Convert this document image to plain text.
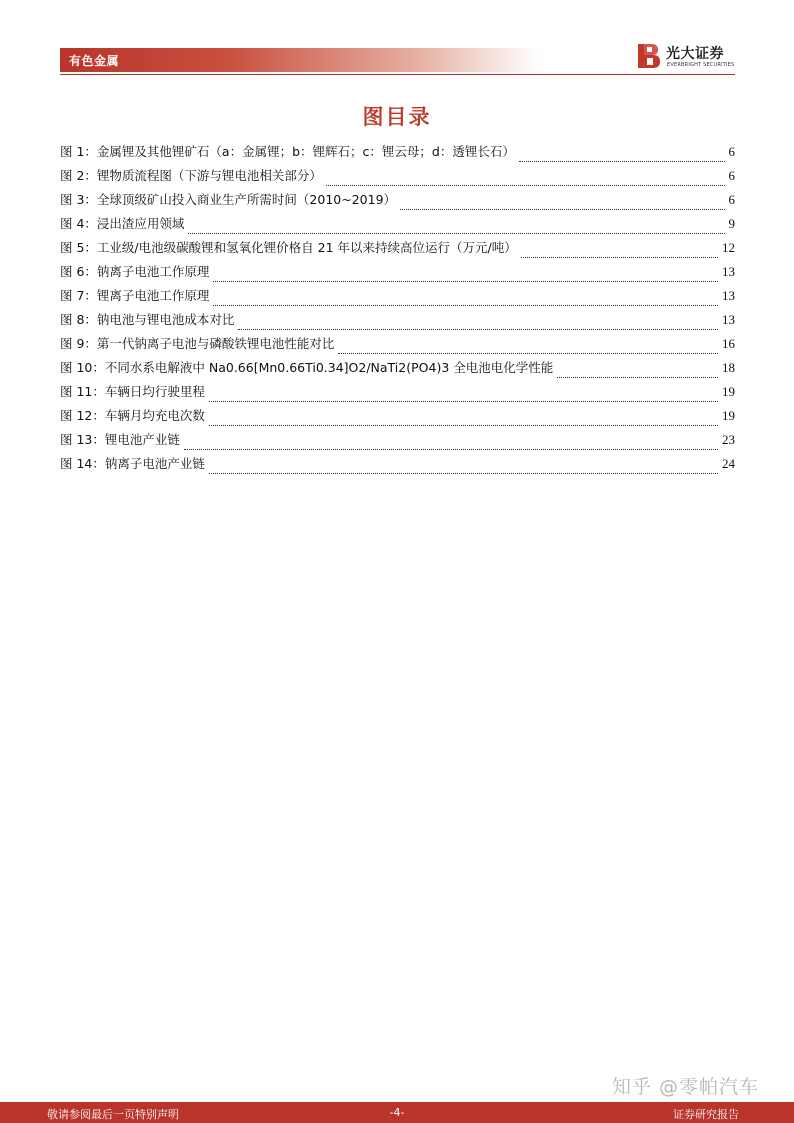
有色金属	光大证券
EVERBRIGHT SECURITIES
图目录
图 1：金属锂及其他锂矿石（a：金属锂；b：锂辉石；c：锂云母；d：透锂长石）	6
图 2：锂物质流程图（下游与锂电池相关部分）	6
图 3：全球顶级矿山投入商业生产所需时间（2010~2019）	6
图 4：浸出渣应用领域	9
图 5：工业级/电池级碳酸锂和氢氧化锂价格自 21 年以来持续高位运行（万元/吨）	12
图 6：钠离子电池工作原理	13
图 7：锂离子电池工作原理	13
图 8：钠电池与锂电池成本对比	13
图 9：第一代钠离子电池与磷酸铁锂电池性能对比	16
图 10：不同水系电解液中 Na0.66[Mn0.66Ti0.34]O2/NaTi2(PO4)3 全电池电化学性能	18
图 11：车辆日均行驶里程	19
图 12：车辆月均充电次数	19
图 13：锂电池产业链	23
图 14：钠离子电池产业链	24
知乎 @零帕汽车
敬请参阅最后一页特别声明	-4-	证券研究报告
